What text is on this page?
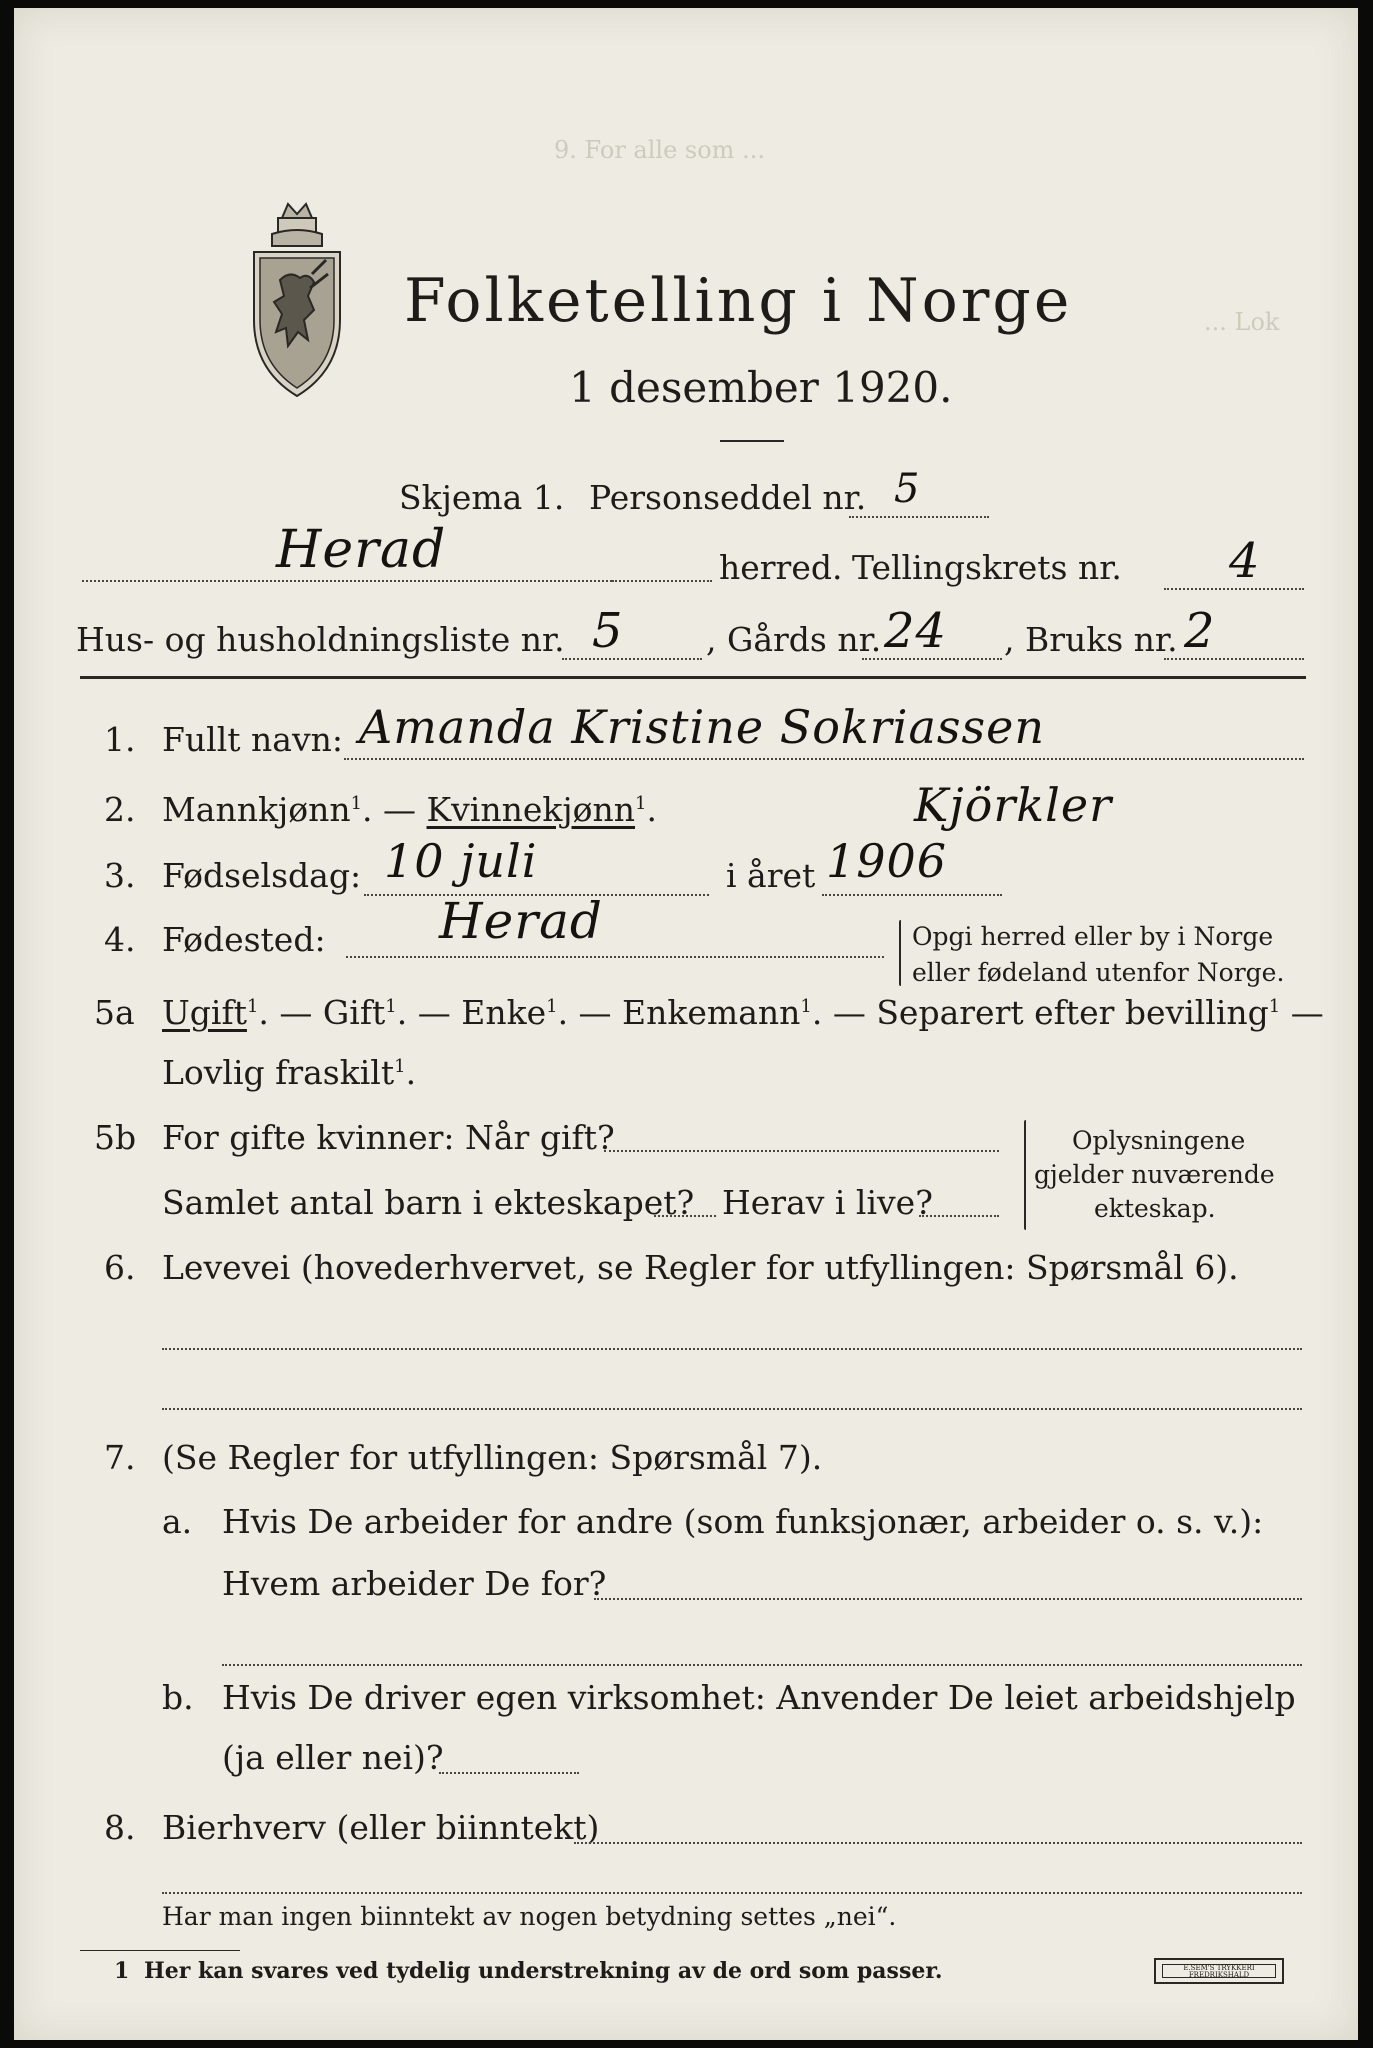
9. For alle som ...
... Lok
Folketelling i Norge
1 desember 1920.
Skjema 1. Personseddel nr. 5
Herad	herred. Tellingskrets nr. 4
Hus- og husholdningsliste nr. 5 , Gårds nr. 24 , Bruks nr. 2
1. Fullt navn: Amanda Kristine Sokriassen
2. Mannkjønn$^1$. — Kvinnekjønn$^1$.	Kjörkler
3. Fødselsdag: 10 juli	i året 1906
4. Fødested: Herad	Opgi herred eller by i Norge
eller fødeland utenfor Norge.
5a Ugift$^1$. — Gift$^1$. — Enke$^1$. — Enkemann$^1$. — Separert efter bevilling$^1$ —
Lovlig fraskilt$^1$.
5b For gifte kvinner: Når gift?
Samlet antal barn i ekteskapet? Herav i live?
Oplysningene
gjelder nuværende
ekteskap.
6. Levevei (hovederhvervet, se Regler for utfyllingen: Spørsmål 6).
7. (Se Regler for utfyllingen: Spørsmål 7).
a. Hvis De arbeider for andre (som funksjonær, arbeider o. s. v.):
Hvem arbeider De for?
b. Hvis De driver egen virksomhet: Anvender De leiet arbeidshjelp
(ja eller nei)?
8. Bierhverv (eller biinntekt)
Har man ingen biinntekt av nogen betydning settes „nei“.
1 Her kan svares ved tydelig understrekning av de ord som passer.	E.SEM'S TRYKKERI FREDRIKSHALD
